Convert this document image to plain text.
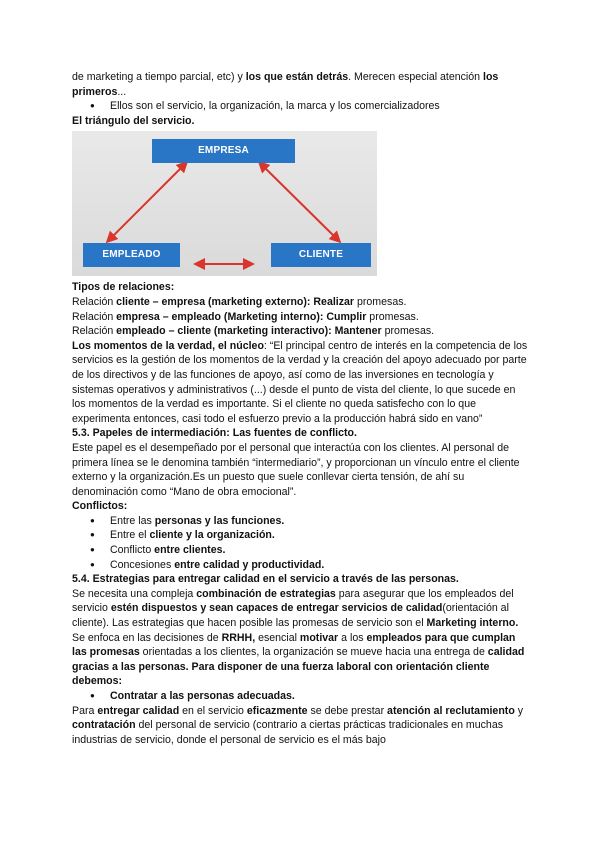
de marketing a tiempo parcial, etc) y los que están detrás. Merecen especial atención los primeros...

● Ellos son el servicio, la organización, la marca y los comercializadores

El triángulo del servicio.

EMPRESA
EMPLEADO	CLIENTE

Tipos de relaciones:

Relación cliente – empresa (marketing externo): Realizar promesas.

Relación empresa – empleado (Marketing interno): Cumplir promesas.

Relación empleado – cliente (marketing interactivo): Mantener promesas.

Los momentos de la verdad, el núcleo: “El principal centro de interés en la competencia de los servicios es la gestión de los momentos de la verdad y la creación del apoyo adecuado por parte de los directivos y de las funciones de apoyo, así como de las inversiones en tecnología y sistemas operativos y administrativos (...) desde el punto de vista del cliente, lo que sucede en los momentos de la verdad es importante. Si el cliente no queda satisfecho con lo que experimenta entonces, casi todo el esfuerzo previo a la producción habrá sido en vano”

5.3. Papeles de intermediación: Las fuentes de conflicto.

Este papel es el desempeñado por el personal que interactúa con los clientes. Al personal de primera línea se le denomina también “intermediario”, y proporcionan un vínculo entre el cliente externo y la organización.Es un puesto que suele conllevar cierta tensión, de ahí su denominación como “Mano de obra emocional”.

Conflictos:

● Entre las personas y las funciones.
● Entre el cliente y la organización.
● Conflicto entre clientes.
● Concesiones entre calidad y productividad.

5.4. Estrategias para entregar calidad en el servicio a través de las personas.

Se necesita una compleja combinación de estrategias para asegurar que los empleados del servicio estén dispuestos y sean capaces de entregar servicios de calidad(orientación al cliente). Las estrategias que hacen posible las promesas de servicio son el Marketing interno. Se enfoca en las decisiones de RRHH, esencial motivar a los empleados para que cumplan las promesas orientadas a los clientes, la organización se mueve hacia una entrega de calidad gracias a las personas. Para disponer de una fuerza laboral con orientación cliente debemos:

● Contratar a las personas adecuadas.

Para entregar calidad en el servicio eficazmente se debe prestar atención al reclutamiento y contratación del personal de servicio (contrario a ciertas prácticas tradicionales en muchas industrias de servicio, donde el personal de servicio es el más bajo
